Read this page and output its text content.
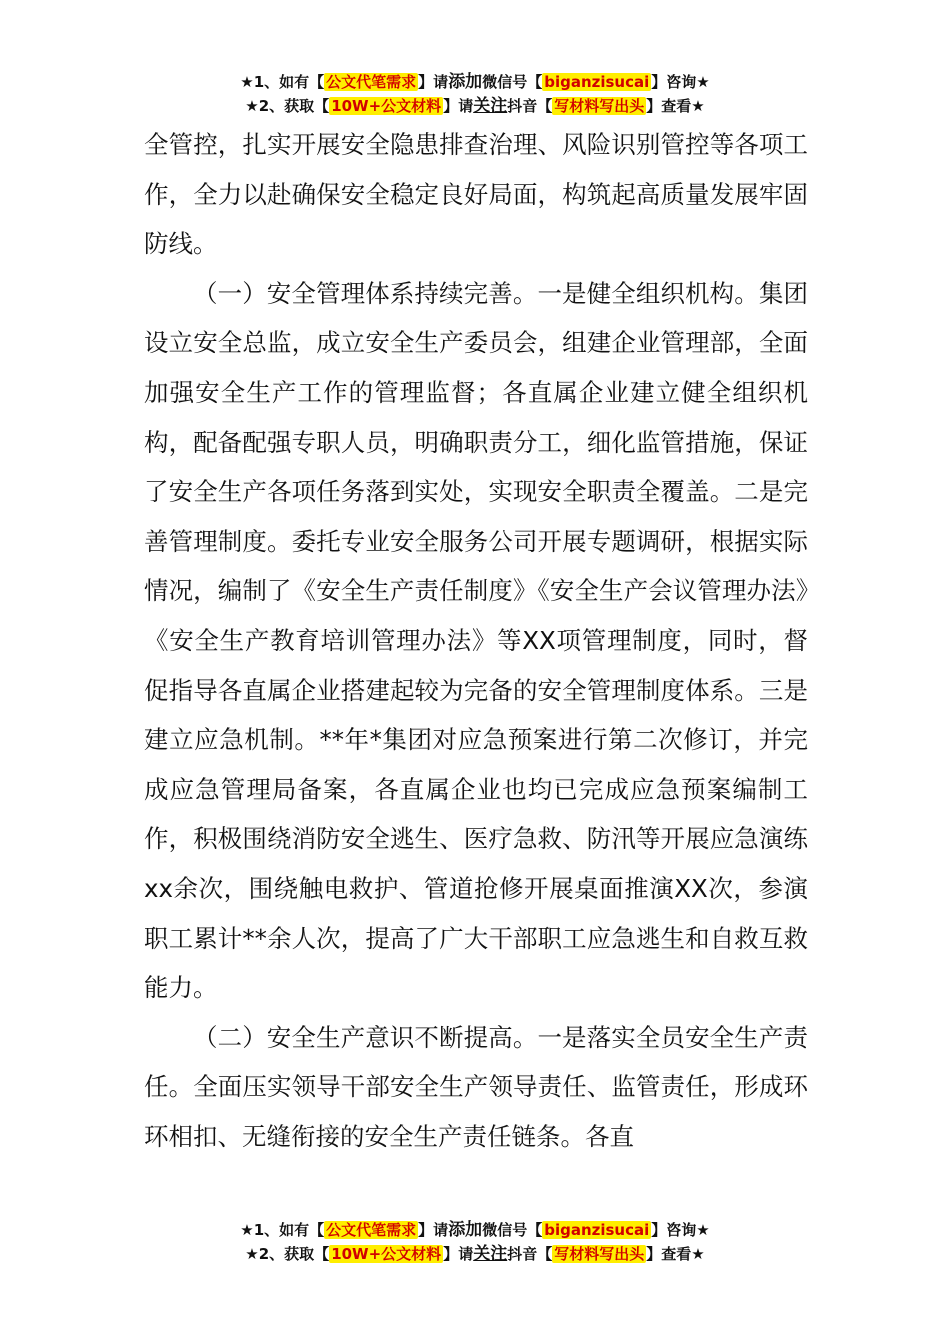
★1、如有【 公文代笔需求 】请添加微信号【 biganzisucai 】咨询★
★2、获取【 10W+公文材料 】请关注抖音【 写材料写出头 】查看★

全管控，扎实开展安全隐患排查治理、风险识别管控等各项工作，全力以赴确保安全稳定良好局面，构筑起高质量发展牢固防线。

（一）安全管理体系持续完善。一是健全组织机构。集团设立安全总监，成立安全生产委员会，组建企业管理部，全面加强安全生产工作的管理监督；各直属企业建立健全组织机构，配备配强专职人员，明确职责分工，细化监管措施，保证了安全生产各项任务落到实处，实现安全职责全覆盖。二是完善管理制度。委托专业安全服务公司开展专题调研，根据实际情况，编制了《安全生产责任制度》《安全生产会议管理办法》《安全生产教育培训管理办法》等XX项管理制度，同时，督促指导各直属企业搭建起较为完备的安全管理制度体系。三是建立应急机制。**年*集团对应急预案进行第二次修订，并完成应急管理局备案，各直属企业也均已完成应急预案编制工作，积极围绕消防安全逃生、医疗急救、防汛等开展应急演练xx余次，围绕触电救护、管道抢修开展桌面推演XX次，参演职工累计**余人次，提高了广大干部职工应急逃生和自救互救能力。

（二）安全生产意识不断提高。一是落实全员安全生产责任。全面压实领导干部安全生产领导责任、监管责任，形成环环相扣、无缝衔接的安全生产责任链条。各直

★1、如有【 公文代笔需求 】请添加微信号【 biganzisucai 】咨询★
★2、获取【 10W+公文材料 】请关注抖音【 写材料写出头 】查看★
